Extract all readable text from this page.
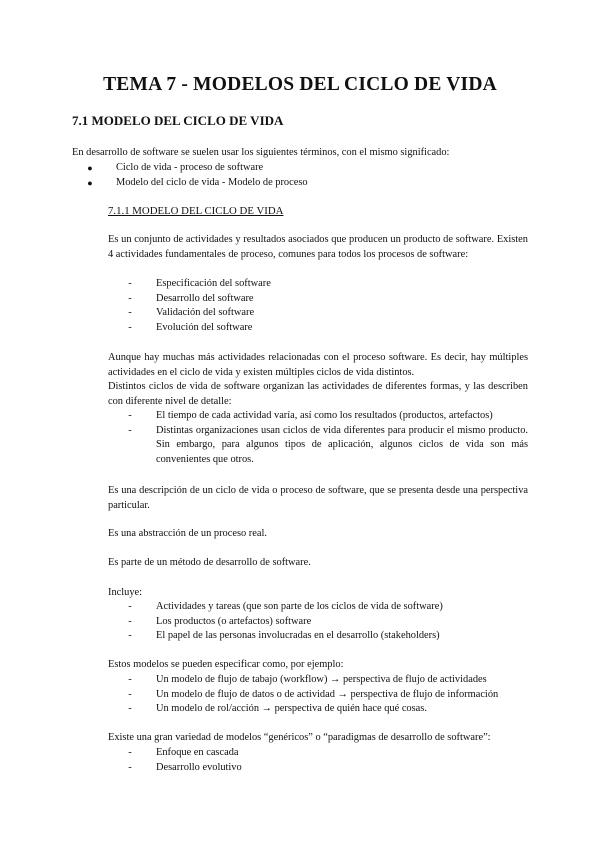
TEMA 7 - MODELOS DEL CICLO DE VIDA
7.1 MODELO DEL CICLO DE VIDA
En desarrollo de software se suelen usar los siguientes términos, con el mismo significado:
●	Ciclo de vida - proceso de software
●	Modelo del ciclo de vida - Modelo de proceso
7.1.1 MODELO DEL CICLO DE VIDA
Es un conjunto de actividades y resultados asociados que producen un producto de software. Existen 4 actividades fundamentales de proceso, comunes para todos los procesos de software:
-	Especificación del software
-	Desarrollo del software
-	Validación del software
-	Evolución del software
Aunque hay muchas más actividades relacionadas con el proceso software. Es decir, hay múltiples actividades en el ciclo de vida y existen múltiples ciclos de vida distintos.
Distintos ciclos de vida de software organizan las actividades de diferentes formas, y las describen con diferente nivel de detalle:
-	El tiempo de cada actividad varía, así como los resultados (productos, artefactos)
-	Distintas organizaciones usan ciclos de vida diferentes para producir el mismo producto. Sin embargo, para algunos tipos de aplicación, algunos ciclos de vida son más convenientes que otros.
Es una descripción de un ciclo de vida o proceso de software, que se presenta desde una perspectiva particular.
Es una abstracción de un proceso real.
Es parte de un método de desarrollo de software.
Incluye:
-	Actividades y tareas (que son parte de los ciclos de vida de software)
-	Los productos (o artefactos) software
-	El papel de las personas involucradas en el desarrollo (stakeholders)
Estos modelos se pueden especificar como, por ejemplo:
-	Un modelo de flujo de tabajo (workflow) → perspectiva de flujo de actividades
-	Un modelo de flujo de datos o de actividad → perspectiva de flujo de información
-	Un modelo de rol/acción → perspectiva de quién hace qué cosas.
Existe una gran variedad de modelos “genéricos” o “paradigmas de desarrollo de software”:
-	Enfoque en cascada
-	Desarrollo evolutivo
